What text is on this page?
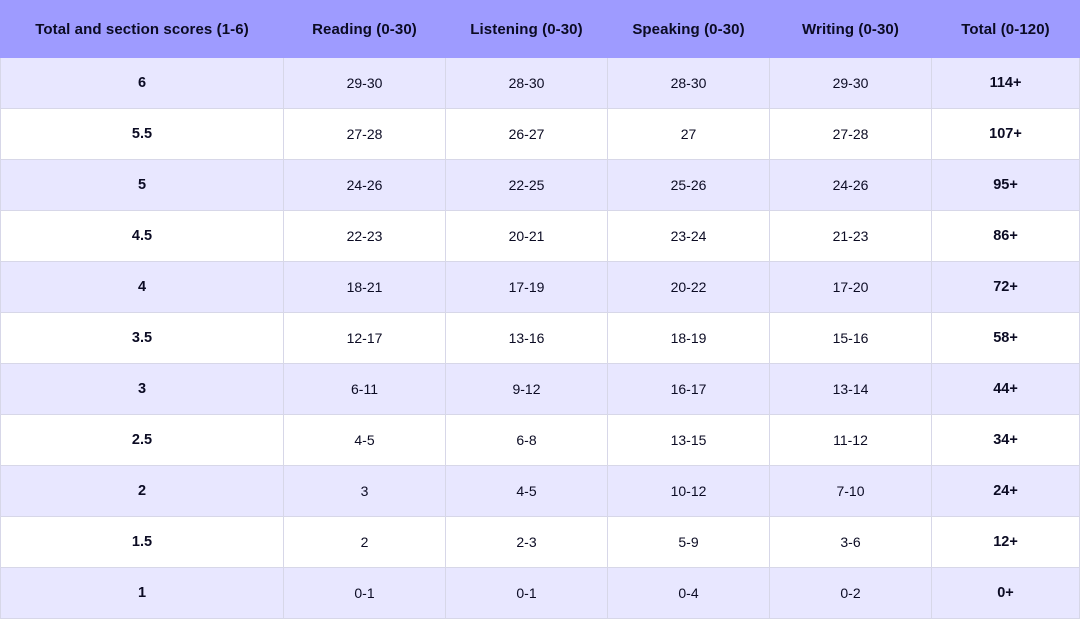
Total and section scores (1-6)	Reading (0-30)	Listening (0-30)	Speaking (0-30)	Writing (0-30)	Total (0-120)
6	29-30	28-30	28-30	29-30	114+
5.5	27-28	26-27	27	27-28	107+
5	24-26	22-25	25-26	24-26	95+
4.5	22-23	20-21	23-24	21-23	86+
4	18-21	17-19	20-22	17-20	72+
3.5	12-17	13-16	18-19	15-16	58+
3	6-11	9-12	16-17	13-14	44+
2.5	4-5	6-8	13-15	11-12	34+
2	3	4-5	10-12	7-10	24+
1.5	2	2-3	5-9	3-6	12+
1	0-1	0-1	0-4	0-2	0+
